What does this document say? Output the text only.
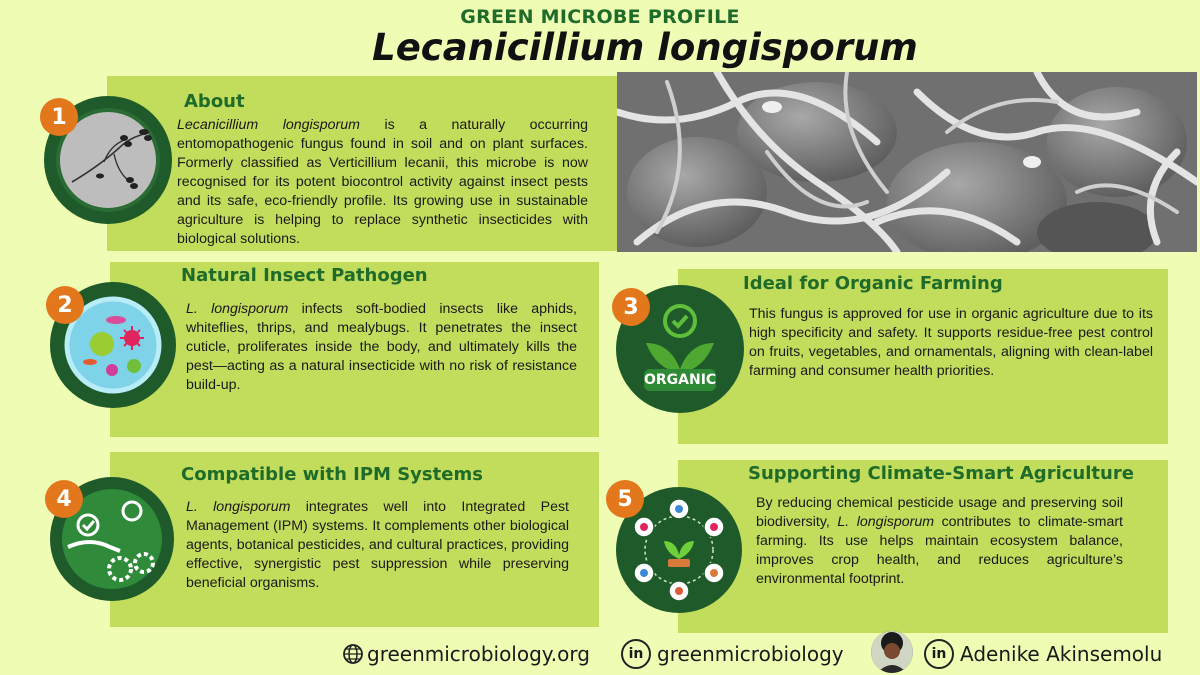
GREEN MICROBE PROFILE
Lecanicillium longisporum
1
About
Lecanicillium longisporum is a naturally occurring entomopathogenic fungus found in soil and on plant surfaces. Formerly classified as Verticillium lecanii, this microbe is now recognised for its potent biocontrol activity against insect pests and its safe, eco-friendly profile. Its growing use in sustainable agriculture is helping to replace synthetic insecticides with biological solutions.
2
Natural Insect Pathogen
L. longisporum infects soft-bodied insects like aphids, whiteflies, thrips, and mealybugs. It penetrates the insect cuticle, proliferates inside the body, and ultimately kills the pest—acting as a natural insecticide with no risk of resistance build-up.	ORGANIC
3
Ideal for Organic Farming
This fungus is approved for use in organic agriculture due to its high specificity and safety. It supports residue-free pest control on fruits, vegetables, and ornamentals, aligning with clean-label farming and consumer health priorities.
4
Compatible with IPM Systems
L. longisporum integrates well into Integrated Pest Management (IPM) systems. It complements other biological agents, botanical pesticides, and cultural practices, providing effective, synergistic pest suppression while preserving beneficial organisms.
5
Supporting Climate-Smart Agriculture
By reducing chemical pesticide usage and preserving soil biodiversity, L. longisporum contributes to climate-smart farming. Its use helps maintain ecosystem balance, improves crop health, and reduces agriculture’s environmental footprint.
greenmicrobiology.org	in greenmicrobiology	in Adenike Akinsemolu
